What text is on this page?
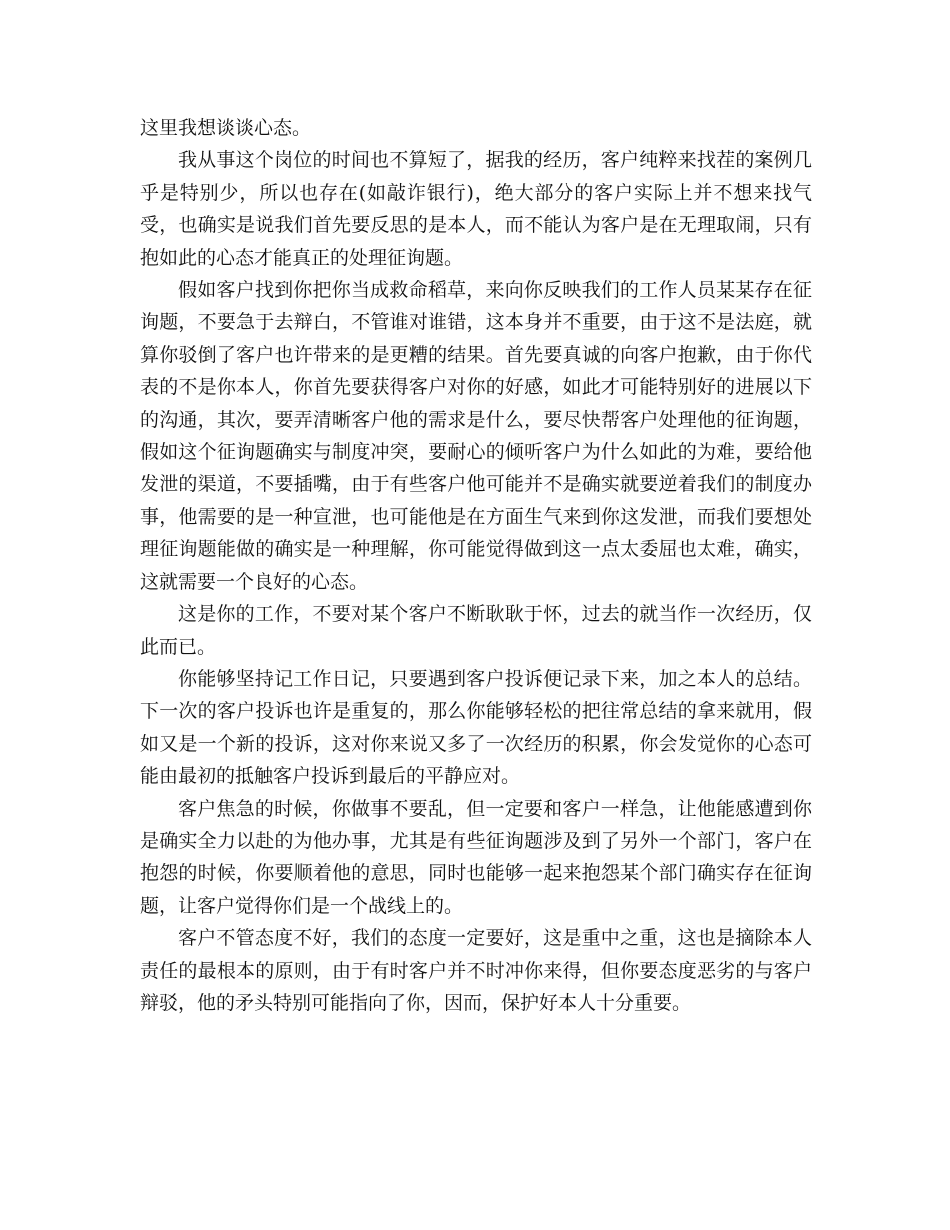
这里我想谈谈心态。

我从事这个岗位的时间也不算短了，据我的经历，客户纯粹来找茬的案例几乎是特别少，所以也存在(如敲诈银行)，绝大部分的客户实际上并不想来找气受，也确实是说我们首先要反思的是本人，而不能认为客户是在无理取闹，只有抱如此的心态才能真正的处理征询题。

假如客户找到你把你当成救命稻草，来向你反映我们的工作人员某某存在征询题，不要急于去辩白，不管谁对谁错，这本身并不重要，由于这不是法庭，就算你驳倒了客户也许带来的是更糟的结果。首先要真诚的向客户抱歉，由于你代表的不是你本人，你首先要获得客户对你的好感，如此才可能特别好的进展以下的沟通，其次，要弄清晰客户他的需求是什么，要尽快帮客户处理他的征询题，假如这个征询题确实与制度冲突，要耐心的倾听客户为什么如此的为难，要给他发泄的渠道，不要插嘴，由于有些客户他可能并不是确实就要逆着我们的制度办事，他需要的是一种宣泄，也可能他是在方面生气来到你这发泄，而我们要想处理征询题能做的确实是一种理解，你可能觉得做到这一点太委屈也太难，确实，这就需要一个良好的心态。

这是你的工作，不要对某个客户不断耿耿于怀，过去的就当作一次经历，仅此而已。

你能够坚持记工作日记，只要遇到客户投诉便记录下来，加之本人的总结。下一次的客户投诉也许是重复的，那么你能够轻松的把往常总结的拿来就用，假如又是一个新的投诉，这对你来说又多了一次经历的积累，你会发觉你的心态可能由最初的抵触客户投诉到最后的平静应对。

客户焦急的时候，你做事不要乱，但一定要和客户一样急，让他能感遭到你是确实全力以赴的为他办事，尤其是有些征询题涉及到了另外一个部门，客户在抱怨的时候，你要顺着他的意思，同时也能够一起来抱怨某个部门确实存在征询题，让客户觉得你们是一个战线上的。

客户不管态度不好，我们的态度一定要好，这是重中之重，这也是摘除本人责任的最根本的原则，由于有时客户并不时冲你来得，但你要态度恶劣的与客户辩驳，他的矛头特别可能指向了你，因而，保护好本人十分重要。
